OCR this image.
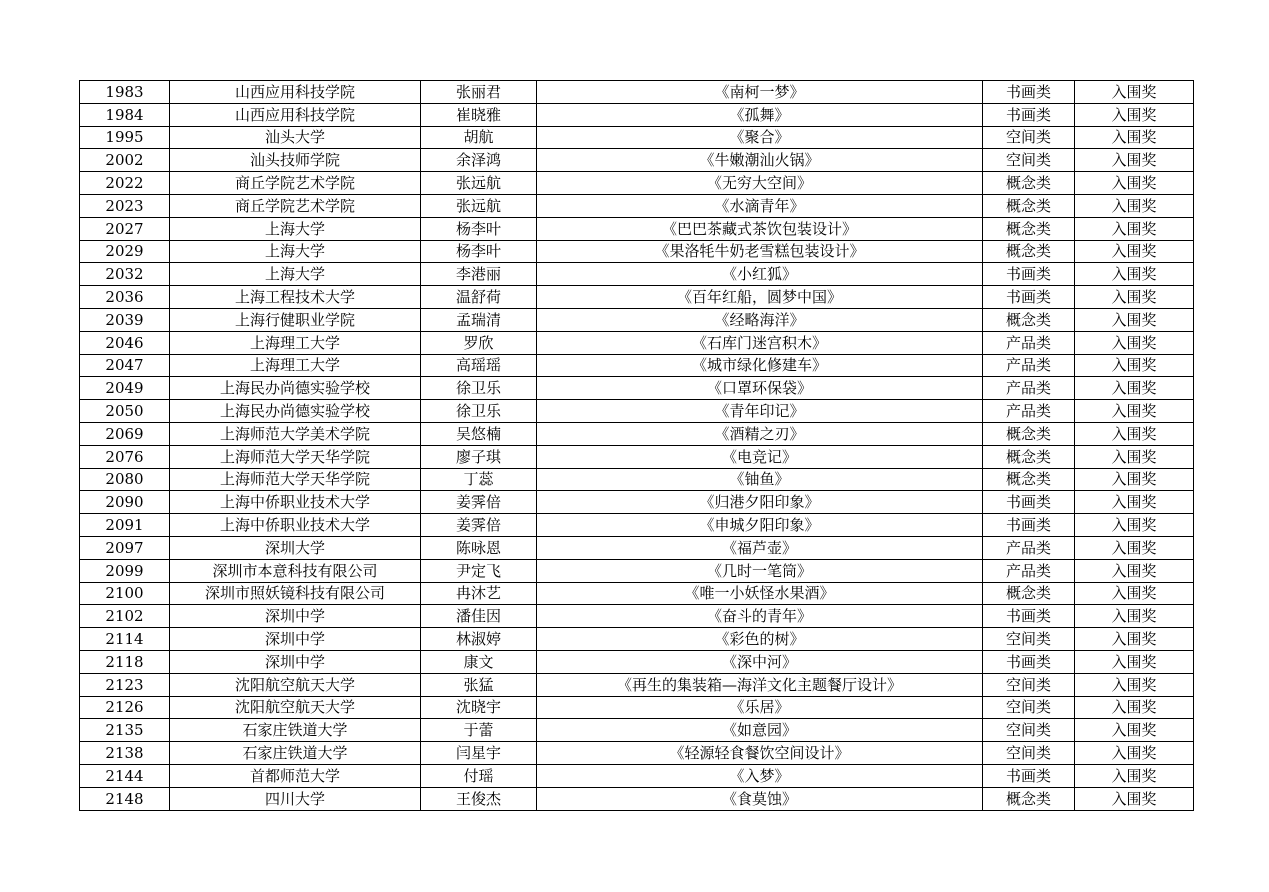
1983	山西应用科技学院	张丽君	《南柯一梦》	书画类	入围奖
1984	山西应用科技学院	崔晓雅	《孤舞》	书画类	入围奖
1995	汕头大学	胡航	《聚合》	空间类	入围奖
2002	汕头技师学院	余泽鸿	《牛嫩潮汕火锅》	空间类	入围奖
2022	商丘学院艺术学院	张远航	《无穷大空间》	概念类	入围奖
2023	商丘学院艺术学院	张远航	《水滴青年》	概念类	入围奖
2027	上海大学	杨李叶	《巴巴茶藏式茶饮包装设计》	概念类	入围奖
2029	上海大学	杨李叶	《果洛牦牛奶老雪糕包装设计》	概念类	入围奖
2032	上海大学	李港丽	《小红狐》	书画类	入围奖
2036	上海工程技术大学	温舒荷	《百年红船，圆梦中国》	书画类	入围奖
2039	上海行健职业学院	孟瑞清	《经略海洋》	概念类	入围奖
2046	上海理工大学	罗欣	《石库门迷宫积木》	产品类	入围奖
2047	上海理工大学	高瑶瑶	《城市绿化修建车》	产品类	入围奖
2049	上海民办尚德实验学校	徐卫乐	《口罩环保袋》	产品类	入围奖
2050	上海民办尚德实验学校	徐卫乐	《青年印记》	产品类	入围奖
2069	上海师范大学美术学院	吴悠楠	《酒精之刃》	概念类	入围奖
2076	上海师范大学天华学院	廖子琪	《电竞记》	概念类	入围奖
2080	上海师范大学天华学院	丁蕊	《铀鱼》	概念类	入围奖
2090	上海中侨职业技术大学	姜霁倍	《归港夕阳印象》	书画类	入围奖
2091	上海中侨职业技术大学	姜霁倍	《申城夕阳印象》	书画类	入围奖
2097	深圳大学	陈咏恩	《福芦壶》	产品类	入围奖
2099	深圳市本意科技有限公司	尹定飞	《几时一笔筒》	产品类	入围奖
2100	深圳市照妖镜科技有限公司	冉沐艺	《唯一小妖怪水果酒》	概念类	入围奖
2102	深圳中学	潘佳因	《奋斗的青年》	书画类	入围奖
2114	深圳中学	林淑婷	《彩色的树》	空间类	入围奖
2118	深圳中学	康文	《深中河》	书画类	入围奖
2123	沈阳航空航天大学	张猛	《再生的集装箱—海洋文化主题餐厅设计》	空间类	入围奖
2126	沈阳航空航天大学	沈晓宇	《乐居》	空间类	入围奖
2135	石家庄铁道大学	于蕾	《如意园》	空间类	入围奖
2138	石家庄铁道大学	闫星宇	《轻源轻食餐饮空间设计》	空间类	入围奖
2144	首都师范大学	付瑶	《入梦》	书画类	入围奖
2148	四川大学	王俊杰	《食莫蚀》	概念类	入围奖
